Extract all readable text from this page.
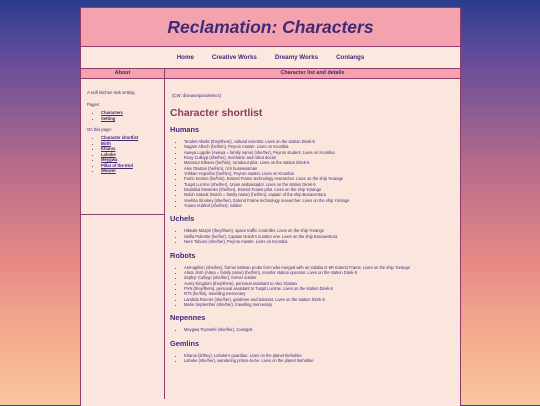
Reclamation: Characters
Home	Creative Works	Dreamy Works	Conlangs
About

A scifi kitchen sink setting.

Pages:

• Characters
• Setting

On this page:

• Character shortlist
• Birth
• Kharus
• Lahuke
• Meygwa
• Pillar of the End
• Weaver
Character list and details

(CW: disease/pandemics)

Character shortlist
Humans
• Teodrel Abeltz (they/them), cultural scientist. Lives on the station Direk-5
• Nagam Aftoch (he/him), Peyron master. Lives on Krumbia
• Aweya Lugolie (Aweya = family name) (she/her), Peyron student. Lives on Krumbia
• Roxy Culloyp (she/her), mechanic and robot doctor
• Mansour Elleess (he/him), runabout pilot. Lives on the station Direk-5
• Alex Glastov (he/him), rich businessman
• Yohkan Hoposho (he/him), Peyron master. Lives on Krumbia
• Farris Keston (he/him), Extend Frame technology researcher. Lives on the ship Yorange
• Tuspit Lucrme (she/her), Union ambassador. Lives on the station Direk-5
• Dedalina Mesenko (she/her), Extend Frame pilot. Lives on the ship Yorange
• Noloh Satouk (Noloh = family name) (he/him), captain of the ship Bonaventura
• Veekha Slookey (she/her), Extend Frame technology researcher. Lives on the ship Yorange
• Yuana Vulzkof (she/her), soldier
Uchels
• Hikeale Mazpé (they/them), space traffic controller. Lives on the ship Yorange
• Seifia Pulestre (he/her), Captain Noloh's number one. Lives on the ship Bonaventura
• Nere Tobuno (she/her), Peyron master. Lives on Krumbia
Robots
• Aetrogelion (she/her), former kalman probe form who merged with an Indaba G-6R Extend Frame. Lives on the ship Yorange
• Alara Jiroh (Alara = family name) (he/him), monitor station operator. Lives on the station Direk-5
• Zephyr Culloyp (she/her), former soldier
• Avery Kingdom (they/them), personal assistant to Alex Glastov
• PVN (they/them), personal assistant to Tuspit Lucrme. Lives on the station Direk-5
• R73 (he/his), travelling mercenary
• Lambda Runner (she/her), gardener and botanist. Lives on the station Direk-5
• Marie September (she/her), travelling mercenary
Nepennes
• Meygwa Teynsehi (she/her), zoologist
Gemlins
• Kharus (it/they), Lahuke's guardian. Lives on the planet Ikehuhke
• Lahuke (she/her), wandering prince-to-be. Lives on the planet Ikehuhke
